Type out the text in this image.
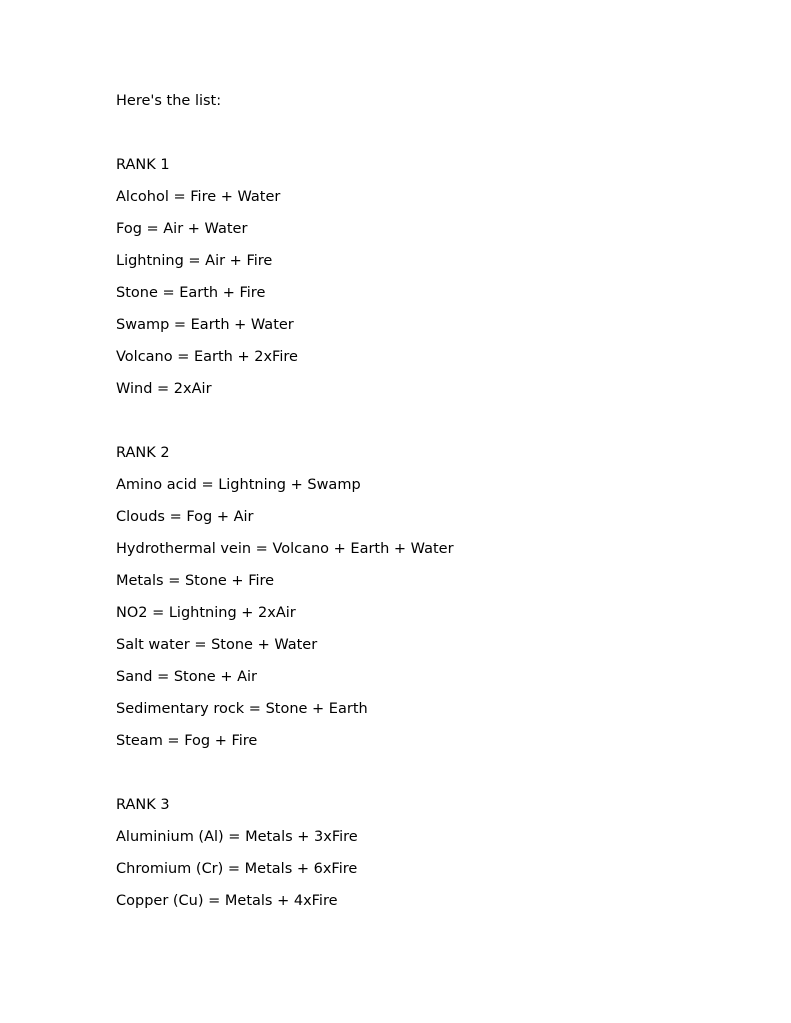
Here's the list:
RANK 1
Alcohol = Fire + Water
Fog = Air + Water
Lightning = Air + Fire
Stone = Earth + Fire
Swamp = Earth + Water
Volcano = Earth + 2xFire
Wind = 2xAir
RANK 2
Amino acid = Lightning + Swamp
Clouds = Fog + Air
Hydrothermal vein = Volcano + Earth + Water
Metals = Stone + Fire
NO2 = Lightning + 2xAir
Salt water = Stone + Water
Sand = Stone + Air
Sedimentary rock = Stone + Earth
Steam = Fog + Fire
RANK 3
Aluminium (Al) = Metals + 3xFire
Chromium (Cr) = Metals + 6xFire
Copper (Cu) = Metals + 4xFire
